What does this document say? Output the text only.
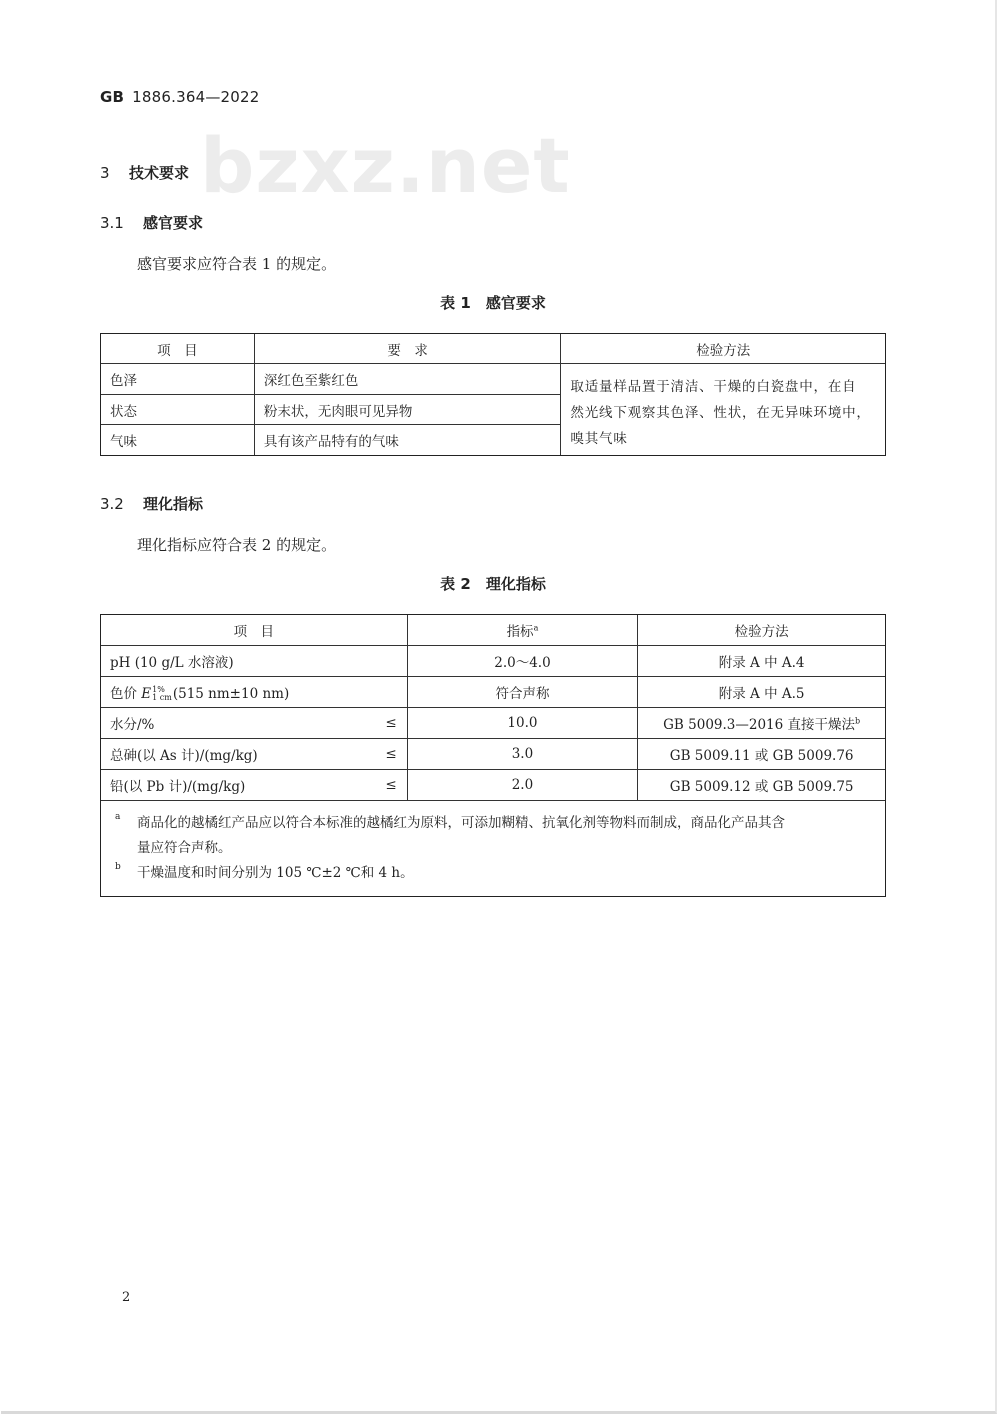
bzxz.net
GB 1886.364—2022
3 技术要求
3.1 感官要求
感官要求应符合表 1 的规定。
表 1　感官要求
项　目	要　求	检验方法
色泽	深红色至紫红色	取适量样品置于清洁、干燥的白瓷盘中，在自
然光线下观察其色泽、性状，在无异味环境中，
嗅其气味

状态	粉末状，无肉眼可见异物	
气味	具有该产品特有的气味	
3.2 理化指标
理化指标应符合表 2 的规定。
表 2　理化指标
项　目	指标$^a$	检验方法
pH (10 g/L 水溶液)	2.0～4.0	附录 A 中 A.4
色价 E 1%
1 cm (515 nm±10 nm)	符合声称	附录 A 中 A.5
水分/% ≤	10.0	GB 5009.3—2016 直接干燥法$^b$
总砷(以 As 计)/(mg/kg) ≤	3.0	GB 5009.11 或 GB 5009.76
铅(以 Pb 计)/(mg/kg) ≤	2.0	GB 5009.12 或 GB 5009.75

a 商品化的越橘红产品应以符合本标准的越橘红为原料，可添加糊精、抗氧化剂等物料而制成，商品化产品其含
量应符合声称。
b 干燥温度和时间分别为 105 ℃±2 ℃和 4 h。		
2
